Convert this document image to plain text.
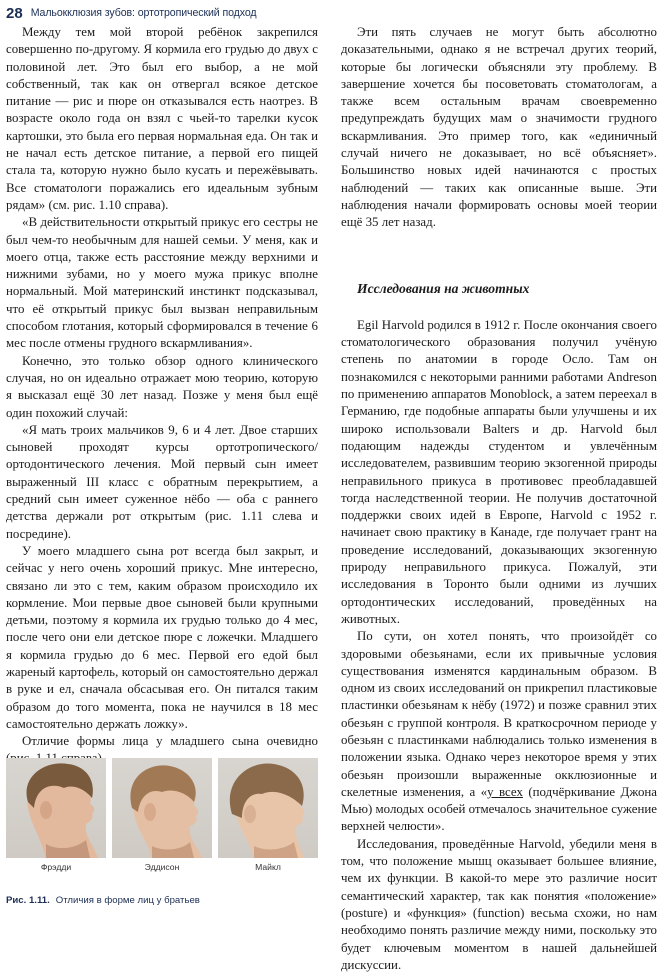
28 Мальокклюзия зубов: ортотропический подход

Между тем мой второй ребёнок закрепился совершенно по-другому. Я кормила его грудью до двух с половиной лет. Это был его выбор, а не мой собственный, так как он отвергал всякое детское питание — рис и пюре он отказывался есть наотрез. В возрасте около года он взял с чьей-то тарелки кусок картошки, это была его первая нормальная еда. Он так и не начал есть детское питание, а первой его пищей стала та, которую нужно было кусать и пережёвывать. Все стоматологи поражались его идеальным зубным рядам» (см. рис. 1.10 справа).

«В действительности открытый прикус его сестры не был чем-то необычным для нашей семьи. У меня, как и моего отца, также есть расстояние между верхними и нижними зубами, но у моего мужа прикус вполне нормальный. Мой материнский инстинкт подсказывал, что её открытый прикус был вызван неправильным способом глотания, который сформировался в течение 6 мес после отмены грудного вскармливания».

Конечно, это только обзор одного клинического случая, но он идеально отражает мою теорию, которую я высказал ещё 30 лет назад. Позже у меня был ещё один похожий случай:

«Я мать троих мальчиков 9, 6 и 4 лет. Двое старших сыновей проходят курсы ортотропического/ортодонтического лечения. Мой первый сын имеет выраженный III класс с обратным перекрытием, а средний сын имеет суженное нёбо — оба с раннего детства держали рот открытым (рис. 1.11 слева и посредине).

У моего младшего сына рот всегда был закрыт, и сейчас у него очень хороший прикус. Мне интересно, связано ли это с тем, каким образом происходило их кормление. Мои первые двое сыновей были крупными детьми, поэтому я кормила их грудью только до 4 мес, после чего они ели детское пюре с ложечки. Младшего я кормила грудью до 6 мес. Первой его едой был жареный картофель, который он самостоятельно держал в руке и ел, сначала обсасывая его. Он питался таким образом до того момента, пока не научился в 18 мес самостоятельно держать ложку».

Отличие формы лица у младшего сына очевидно

Эти пять случаев не могут быть абсолютно доказательными, однако я не встречал других теорий, которые бы логически объясняли эту проблему. В завершение хочется бы посоветовать стоматологам, а также всем остальным врачам своевременно предупреждать будущих мам о значимости грудного вскармливания. Это пример того, как «единичный случай ничего не доказывает, но всё объясняет». Большинство новых идей начинаются с простых наблюдений — таких как описанные выше. Эти наблюдения начали формировать основы моей теории ещё 35 лет назад.

Исследования на животных

Egil Harvold родился в 1912 г. После окончания своего стоматологического образования получил учёную степень по анатомии в городе Осло. Там он познакомился с некоторыми ранними работами Andreson по применению аппаратов Monoblock, а затем переехал в Германию, где подобные аппараты были улучшены и их широко использовали Balters и др. Harvold был подающим надежды студентом и увлечённым исследователем, развившим теорию экзогенной природы неправильного прикуса в противовес преобладавшей тогда наследственной теории. Не получив достаточной поддержки своих идей в Европе, Harvold с 1952 г. начинает свою практику в Канаде, где получает грант на проведение исследований, доказывающих экзогенную природу неправильного прикуса. Пожалуй, эти исследования в Торонто были одними из лучших ортодонтических исследований, проведённых на животных.

По сути, он хотел понять, что произойдёт со здоровыми обезьянами, если их привычные условия существования изменятся кардинальным образом. В одном из своих исследований он прикрепил пластиковые пластинки обезьянам к нёбу (1972) и позже сравнил этих обезьян с группой контроля. В краткосрочном периоде у обезьян с пластинками наблюдались только изменения в положении языка. Однако через некоторое время у этих обезьян произошли выраженные окклюзионные и скелетные изменения, а «у всех (подчёркивание Джона Мью) молодых особей отмечалось значительное сужение верхней челюсти».

Исследования, проведённые Harvold, убедили меня в том, что положение мышц оказывает большее влияние, чем их функции. В какой-то мере это различие носит семантический характер, так как понятия «положение» (posture) и «функция» (function) весьма схожи, но нам необходимо понять различие между ними, поскольку это будет ключевым моментом в нашей дальнейшей дискуссии.

Фрэдди	Эддисон	Майкл
Рис. 1.11. Отличия в форме лиц у братьев
